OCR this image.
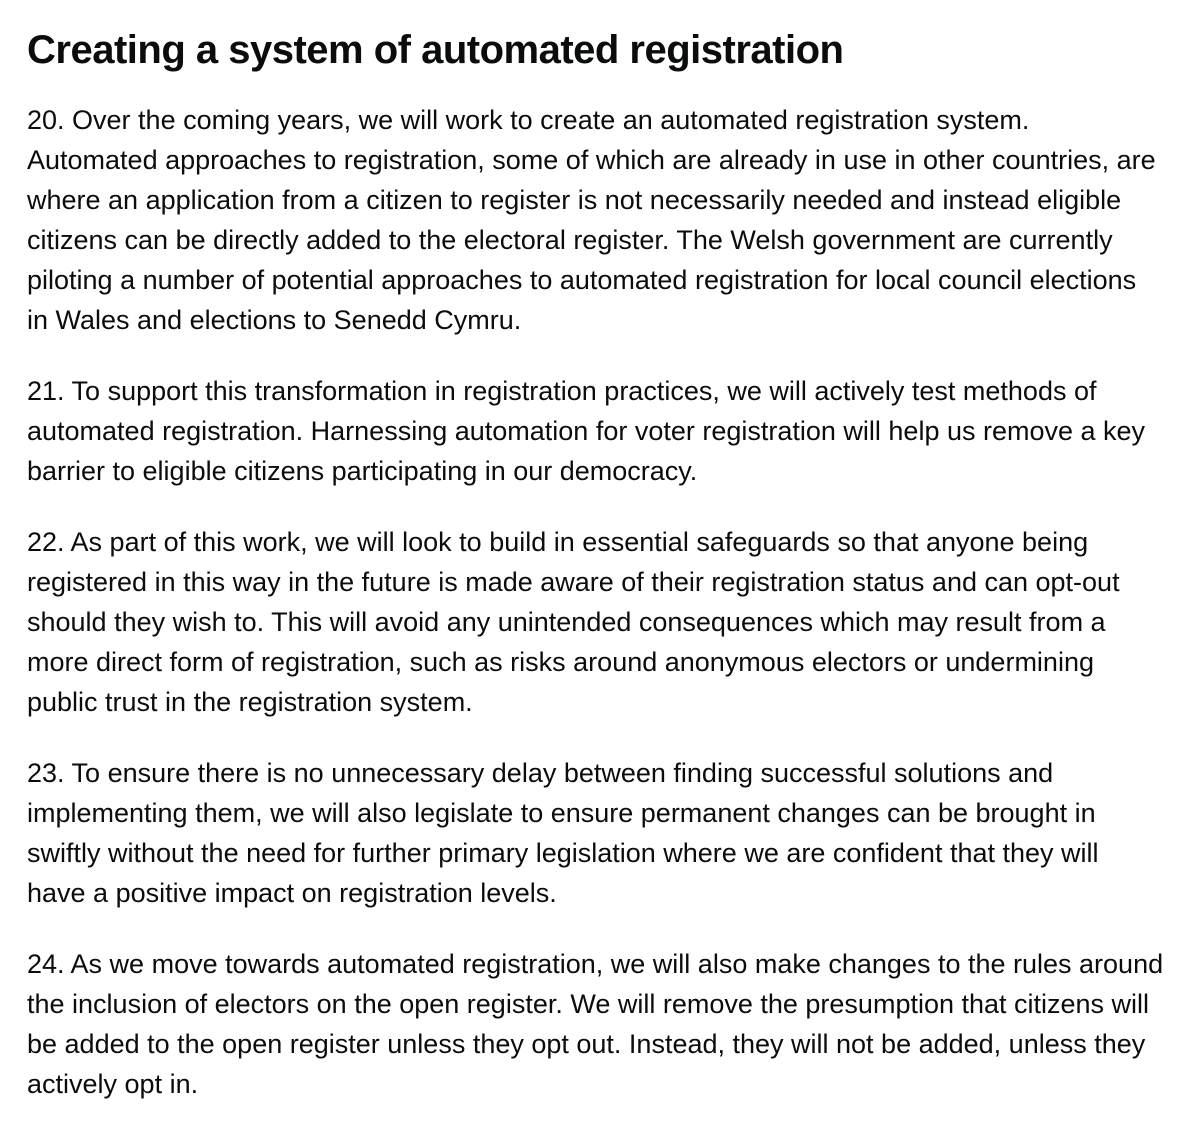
Creating a system of automated registration

20. Over the coming years, we will work to create an automated registration system. Automated approaches to registration, some of which are already in use in other countries, are where an application from a citizen to register is not necessarily needed and instead eligible citizens can be directly added to the electoral register. The Welsh government are currently piloting a number of potential approaches to automated registration for local council elections in Wales and elections to Senedd Cymru.

21. To support this transformation in registration practices, we will actively test methods of automated registration. Harnessing automation for voter registration will help us remove a key barrier to eligible citizens participating in our democracy.

22. As part of this work, we will look to build in essential safeguards so that anyone being registered in this way in the future is made aware of their registration status and can opt-out should they wish to. This will avoid any unintended consequences which may result from a more direct form of registration, such as risks around anonymous electors or undermining public trust in the registration system.

23. To ensure there is no unnecessary delay between finding successful solutions and implementing them, we will also legislate to ensure permanent changes can be brought in swiftly without the need for further primary legislation where we are confident that they will have a positive impact on registration levels.

24. As we move towards automated registration, we will also make changes to the rules around the inclusion of electors on the open register. We will remove the presumption that citizens will be added to the open register unless they opt out. Instead, they will not be added, unless they actively opt in.
